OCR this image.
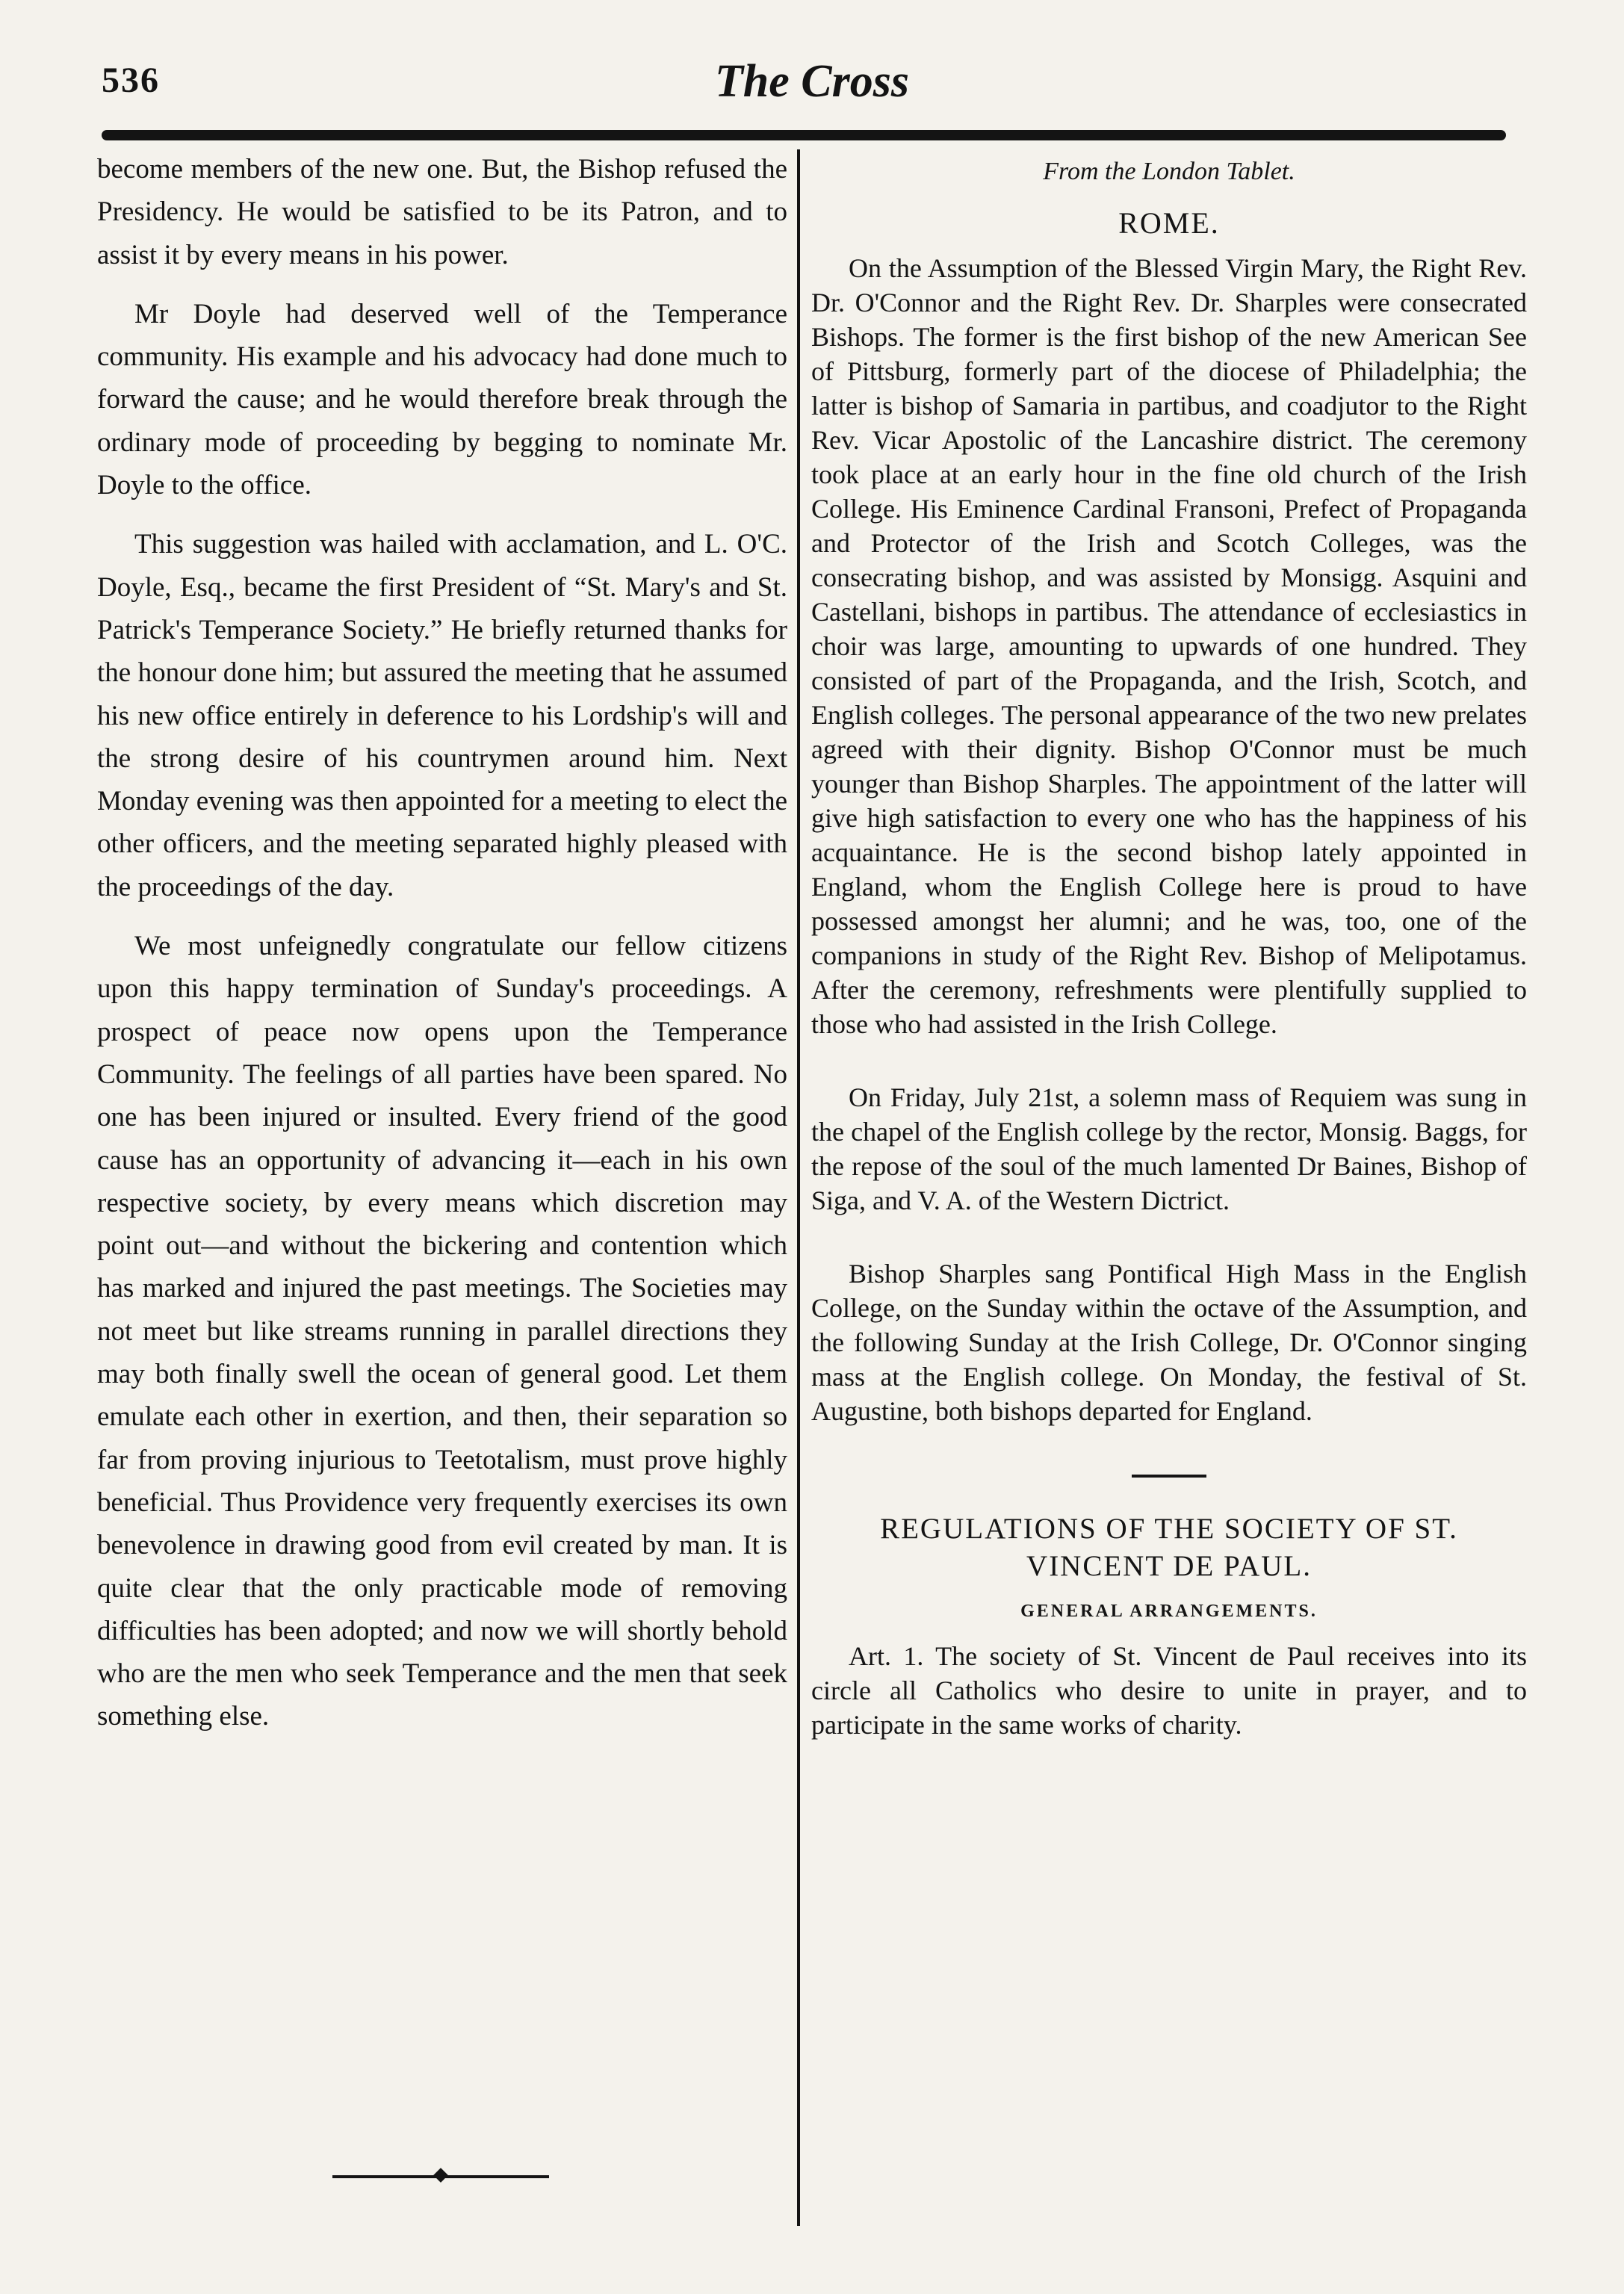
536	The Cross

become members of the new one. But, the Bishop refused the Presidency. He would be satisfied to be its Patron, and to assist it by every means in his power.

Mr Doyle had deserved well of the Temperance community. His example and his advocacy had done much to forward the cause; and he would therefore break through the ordinary mode of proceeding by begging to nominate Mr. Doyle to the office.

This suggestion was hailed with acclamation, and L. O'C. Doyle, Esq., became the first President of “St. Mary's and St. Patrick's Temperance Society.” He briefly returned thanks for the honour done him; but assured the meeting that he assumed his new office entirely in deference to his Lordship's will and the strong desire of his countrymen around him. Next Monday evening was then appointed for a meeting to elect the other officers, and the meeting separated highly pleased with the proceedings of the day.

We most unfeignedly congratulate our fellow citizens upon this happy termination of Sunday's proceedings. A prospect of peace now opens upon the Temperance Community. The feelings of all parties have been spared. No one has been injured or insulted. Every friend of the good cause has an opportunity of advancing it—each in his own respective society, by every means which discretion may point out—and without the bickering and contention which has marked and injured the past meetings. The Societies may not meet but like streams running in parallel directions they may both finally swell the ocean of general good. Let them emulate each other in exertion, and then, their separation so far from proving injurious to Teetotalism, must prove highly beneficial. Thus Providence very frequently exercises its own benevolence in drawing good from evil created by man. It is quite clear that the only practicable mode of removing difficulties has been adopted; and now we will shortly behold who are the men who seek Temperance and the men that seek something else.

From the London Tablet.

ROME.

On the Assumption of the Blessed Virgin Mary, the Right Rev. Dr. O'Connor and the Right Rev. Dr. Sharples were consecrated Bishops. The former is the first bishop of the new American See of Pittsburg, formerly part of the diocese of Philadelphia; the latter is bishop of Samaria in partibus, and coadjutor to the Right Rev. Vicar Apostolic of the Lancashire district. The ceremony took place at an early hour in the fine old church of the Irish College. His Eminence Cardinal Fransoni, Prefect of Propaganda and Protector of the Irish and Scotch Colleges, was the consecrating bishop, and was assisted by Monsigg. Asquini and Castellani, bishops in partibus. The attendance of ecclesiastics in choir was large, amounting to upwards of one hundred. They consisted of part of the Propaganda, and the Irish, Scotch, and English colleges. The personal appearance of the two new prelates agreed with their dignity. Bishop O'Connor must be much younger than Bishop Sharples. The appointment of the latter will give high satisfaction to every one who has the happiness of his acquaintance. He is the second bishop lately appointed in England, whom the English College here is proud to have possessed amongst her alumni; and he was, too, one of the companions in study of the Right Rev. Bishop of Melipotamus. After the ceremony, refreshments were plentifully supplied to those who had assisted in the Irish College.

On Friday, July 21st, a solemn mass of Requiem was sung in the chapel of the English college by the rector, Monsig. Baggs, for the repose of the soul of the much lamented Dr Baines, Bishop of Siga, and V. A. of the Western Dictrict.

Bishop Sharples sang Pontifical High Mass in the English College, on the Sunday within the octave of the Assumption, and the following Sunday at the Irish College, Dr. O'Connor singing mass at the English college. On Monday, the festival of St. Augustine, both bishops departed for England.

REGULATIONS OF THE SOCIETY OF ST. VINCENT DE PAUL.

GENERAL ARRANGEMENTS.

Art. 1. The society of St. Vincent de Paul receives into its circle all Catholics who desire to unite in prayer, and to participate in the same works of charity.
